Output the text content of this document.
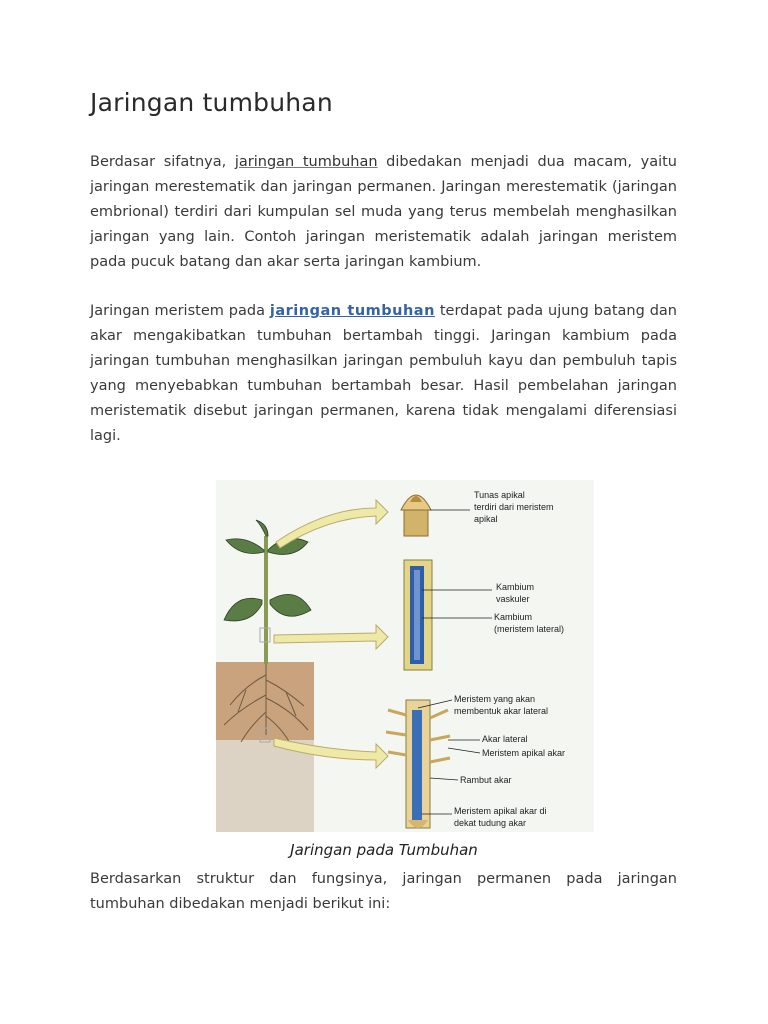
Jaringan tumbuhan

Berdasar sifatnya, jaringan tumbuhan dibedakan menjadi dua macam, yaitu jaringan merestematik dan jaringan permanen. Jaringan merestematik (jaringan embrional) terdiri dari kumpulan sel muda yang terus membelah menghasilkan jaringan yang lain. Contoh jaringan meristematik adalah jaringan meristem pada pucuk batang dan akar serta jaringan kambium.

Jaringan meristem pada jaringan tumbuhan terdapat pada ujung batang dan akar mengakibatkan tumbuhan bertambah tinggi. Jaringan kambium pada jaringan tumbuhan menghasilkan jaringan pembuluh kayu dan pembuluh tapis yang menyebabkan tumbuhan bertambah besar. Hasil pembelahan jaringan meristematik disebut jaringan permanen, karena tidak mengalami diferensiasi lagi.

Berdasarkan struktur dan fungsinya, jaringan permanen pada jaringan tumbuhan dibedakan menjadi berikut ini:

Tunas apikal
terdiri dari meristem
apikal
Kambium
vaskuler
Kambium
(meristem lateral)
Meristem yang akan
membentuk akar lateral
Akar lateral
Meristem apikal akar
Rambut akar
Meristem apikal akar di
dekat tudung akar
Jaringan pada Tumbuhan
